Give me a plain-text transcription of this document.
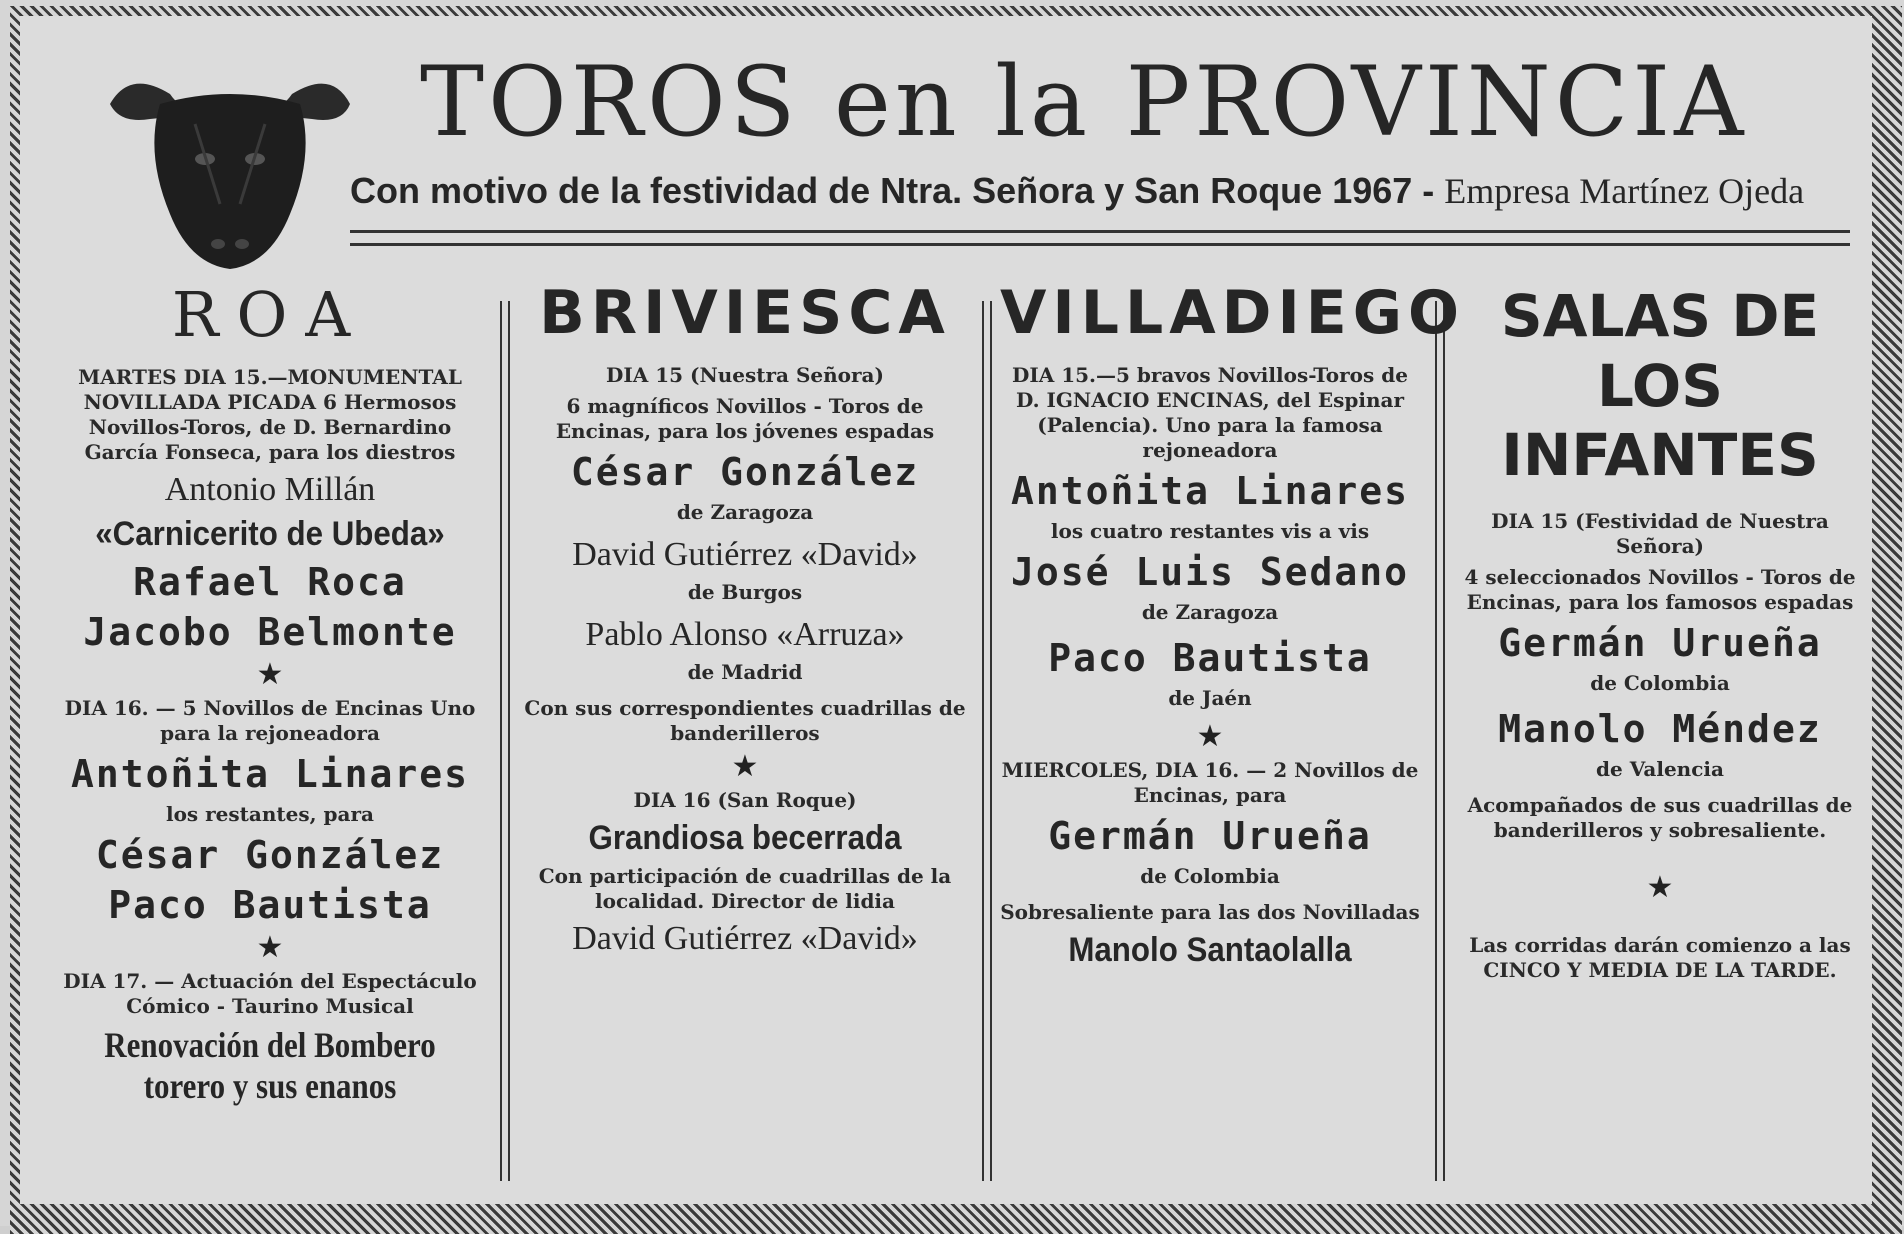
TOROS en la PROVINCIA
Con motivo de la festividad de Ntra. Señora y San Roque 1967 - Empresa Martínez Ojeda
ROA
MARTES DIA 15.—MONUMENTAL NOVILLADA PICADA 6 Hermosos Novillos-Toros, de D. Bernardino García Fonseca, para los diestros
Antonio Millán
«Carnicerito de Ubeda»
Rafael Roca
Jacobo Belmonte
★
DIA 16. — 5 Novillos de Encinas Uno para la rejoneadora
Antoñita Linares
los restantes, para
César González
Paco Bautista
★
DIA 17. — Actuación del Espectáculo Cómico - Taurino Musical
Renovación del Bombero torero y sus enanos
BRIVIESCA
DIA 15 (Nuestra Señora)
6 magníficos Novillos - Toros de Encinas, para los jóvenes espadas
César González
de Zaragoza
David Gutiérrez «David»
de Burgos
Pablo Alonso «Arruza»
de Madrid
Con sus correspondientes cuadrillas de banderilleros
★
DIA 16 (San Roque)
Grandiosa becerrada
Con participación de cuadrillas de la localidad. Director de lidia
David Gutiérrez «David»
VILLADIEGO
DIA 15.—5 bravos Novillos-Toros de D. IGNACIO ENCINAS, del Espinar (Palencia). Uno para la famosa rejoneadora
Antoñita Linares
los cuatro restantes vis a vis
José Luis Sedano
de Zaragoza
Paco Bautista
de Jaén
★
MIERCOLES, DIA 16. — 2 Novillos de Encinas, para
Germán Urueña
de Colombia
Sobresaliente para las dos Novilladas
Manolo Santaolalla
SALAS DE LOS INFANTES
DIA 15 (Festividad de Nuestra Señora)
4 seleccionados Novillos - Toros de Encinas, para los famosos espadas
Germán Urueña
de Colombia
Manolo Méndez
de Valencia
Acompañados de sus cuadrillas de banderilleros y sobresaliente.
★
Las corridas darán comienzo a las CINCO Y MEDIA DE LA TARDE.
